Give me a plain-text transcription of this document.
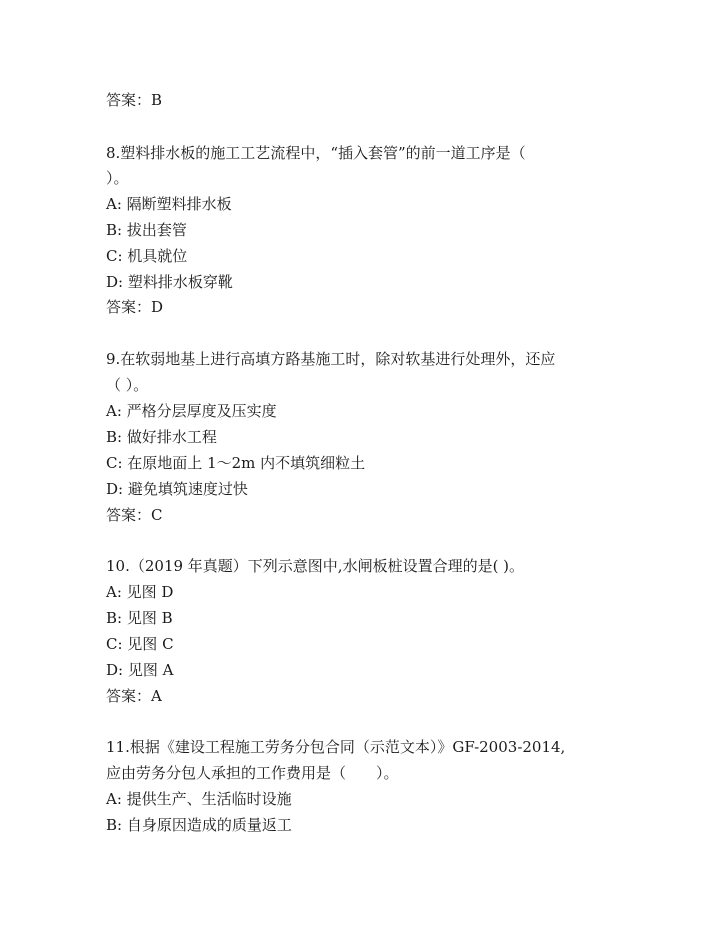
答案：B
8.塑料排水板的施工工艺流程中，“插入套管”的前一道工序是（
）。
A: 隔断塑料排水板
B: 拔出套管
C: 机具就位
D: 塑料排水板穿靴
答案：D
9.在软弱地基上进行高填方路基施工时，除对软基进行处理外，还应
（ ）。
A: 严格分层厚度及压实度
B: 做好排水工程
C: 在原地面上 1～2m 内不填筑细粒土
D: 避免填筑速度过快
答案：C
10.（2019 年真题）下列示意图中,水闸板桩设置合理的是( )。
A: 见图 D
B: 见图 B
C: 见图 C
D: 见图 A
答案：A
11.根据《建设工程施工劳务分包合同（示范文本）》GF-2003-2014,
应由劳务分包人承担的工作费用是（　　）。
A: 提供生产、生活临时设施
B: 自身原因造成的质量返工
